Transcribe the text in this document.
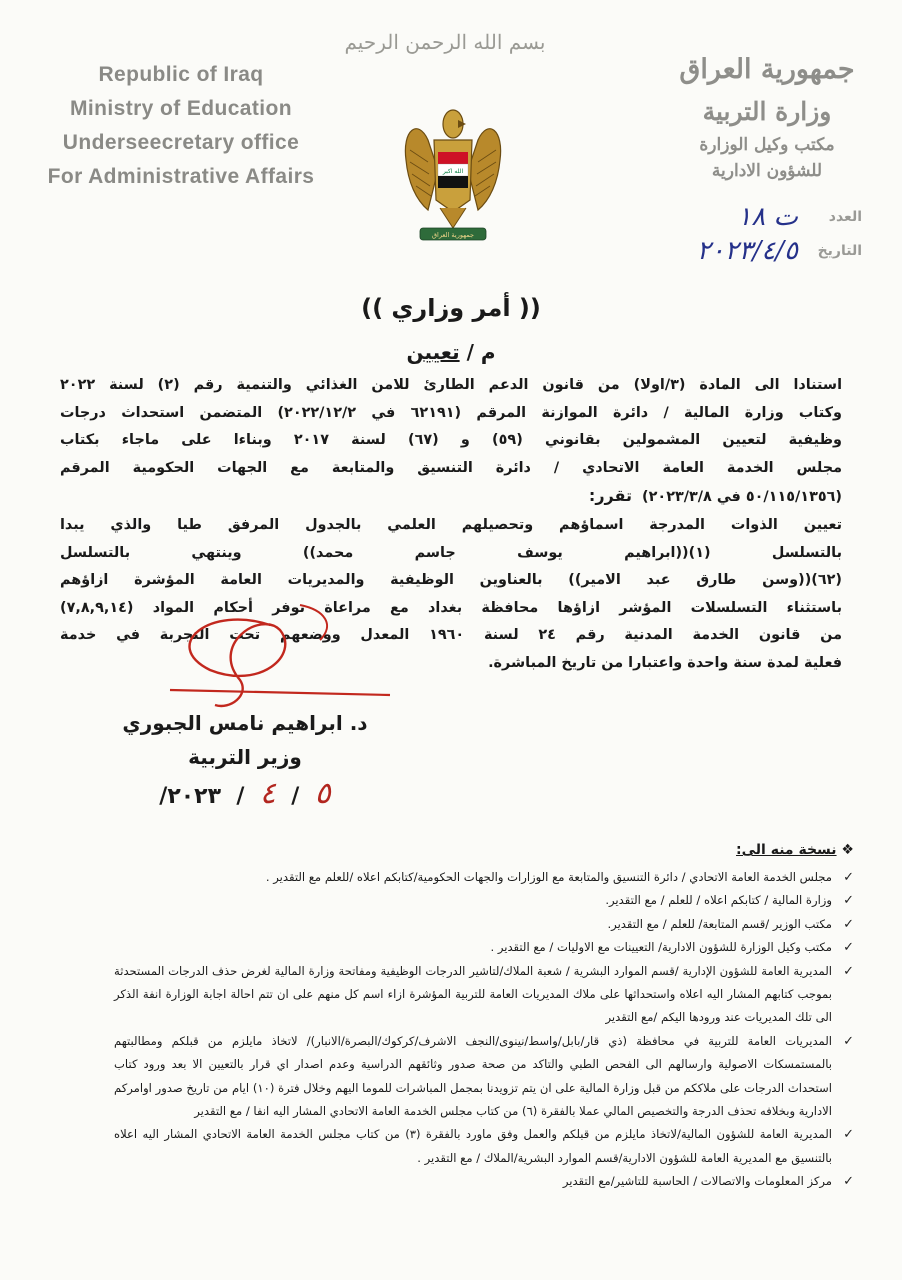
بسم الله الرحمن الرحيم
Republic of Iraq
Ministry of Education
Underseecretary office
For Administrative Affairs
جمهورية العراق
وزارة التربية
مكتب وكيل الوزارة
للشؤون الادارية
الله اكبر
جمهورية العراق
العدد
ت ١٨
التاريخ
٢٠٢٣/٤/٥
(( أمر وزاري ))
م / تعيين

استنادا الى المادة (٣/اولا) من قانون الدعم الطارئ للامن الغذائي والتنمية رقم (٢) لسنة ٢٠٢٢

وكتاب وزارة المالية / دائرة الموازنة المرقم (٦٢١٩١ في ٢٠٢٢/١٢/٢) المتضمن استحداث درجات

وظيفية لتعيين المشمولين بقانوني (٥٩) و (٦٧) لسنة ٢٠١٧ وبناءا على ماجاء بكتاب

مجلس الخدمة العامة الاتحادي / دائرة التنسيق والمتابعة مع الجهات الحكومية المرقم

(٥٠/١١٥/١٣٥٦ في ٢٠٢٣/٣/٨)  تقرر:

تعيين الذوات المدرجة اسماؤهم وتحصيلهم العلمي بالجدول المرفق طيا والذي يبدا

بالتسلسل (١)((ابراهيم يوسف جاسم محمد)) وينتهي بالتسلسل

(٦٢)((وسن طارق عبد الامير)) بالعناوين الوظيفية والمديريات العامة المؤشرة ازاؤهم

باستثناء التسلسلات المؤشر ازاؤها محافظة بغداد مع مراعاة توفر أحكام المواد (٧,٨,٩,١٤)

من قانون الخدمة المدنية رقم ٢٤ لسنة ١٩٦٠ المعدل ووضعهم تحت التجربة في خدمة

فعلية لمدة سنة واحدة واعتبارا من تاريخ المباشرة.

د. ابراهيم نامس الجبوري
وزير التربية
٥  /  ٤  /  ٢٠٢٣/
❖ نسخة منه الى:
✓
مجلس الخدمة العامة الاتحادي / دائرة التنسيق والمتابعة مع الوزارات والجهات الحكومية/كتابكم اعلاه /للعلم مع التقدير .
✓
وزارة المالية / كتابكم اعلاه / للعلم / مع التقدير.
✓
مكتب الوزير /قسم المتابعة/ للعلم / مع التقدير.
✓
مكتب وكيل الوزارة للشؤون الادارية/ التعيينات مع الاوليات / مع التقدير .
✓
المديرية العامة للشؤون الإدارية /قسم الموارد البشرية / شعبة الملاك/لتاشير الدرجات الوظيفية ومفاتحة وزارة المالية لغرض حذف الدرجات المستحدثة بموجب كتابهم المشار اليه اعلاه واستحداثها على ملاك المديريات العامة للتربية المؤشرة ازاء اسم كل منهم على ان تتم احالة اجابة الوزارة انفة الذكر الى تلك المديريات عند ورودها اليكم /مع التقدير
✓
المديريات العامة للتربية في محافظة (ذي قار/بابل/واسط/نينوى/النجف الاشرف/كركوك/البصرة/الانبار)/ لاتخاذ مايلزم من قبلكم ومطالبتهم بالمستمسكات الاصولية وارسالهم الى الفحص الطبي والتاكد من صحة صدور وثائقهم الدراسية وعدم اصدار اي قرار بالتعيين الا بعد ورود كتاب استحداث الدرجات على ملاككم من قبل وزارة المالية على ان يتم تزويدنا بمجمل المباشرات للموما اليهم وخلال فترة (١٠) ايام من تاريخ صدور اوامركم الادارية وبخلافه تحذف الدرجة والتخصيص المالي عملا بالفقرة (٦) من كتاب مجلس الخدمة العامة الاتحادي المشار اليه انفا / مع التقدير
✓
المديرية العامة للشؤون المالية/لاتخاذ مايلزم من قبلكم والعمل وفق ماورد بالفقرة (٣) من كتاب مجلس الخدمة العامة الاتحادي المشار اليه اعلاه بالتنسيق مع المديرية العامة للشؤون الادارية/قسم الموارد البشرية/الملاك / مع التقدير .
✓
مركز المعلومات والاتصالات / الحاسبة للتاشير/مع التقدير
